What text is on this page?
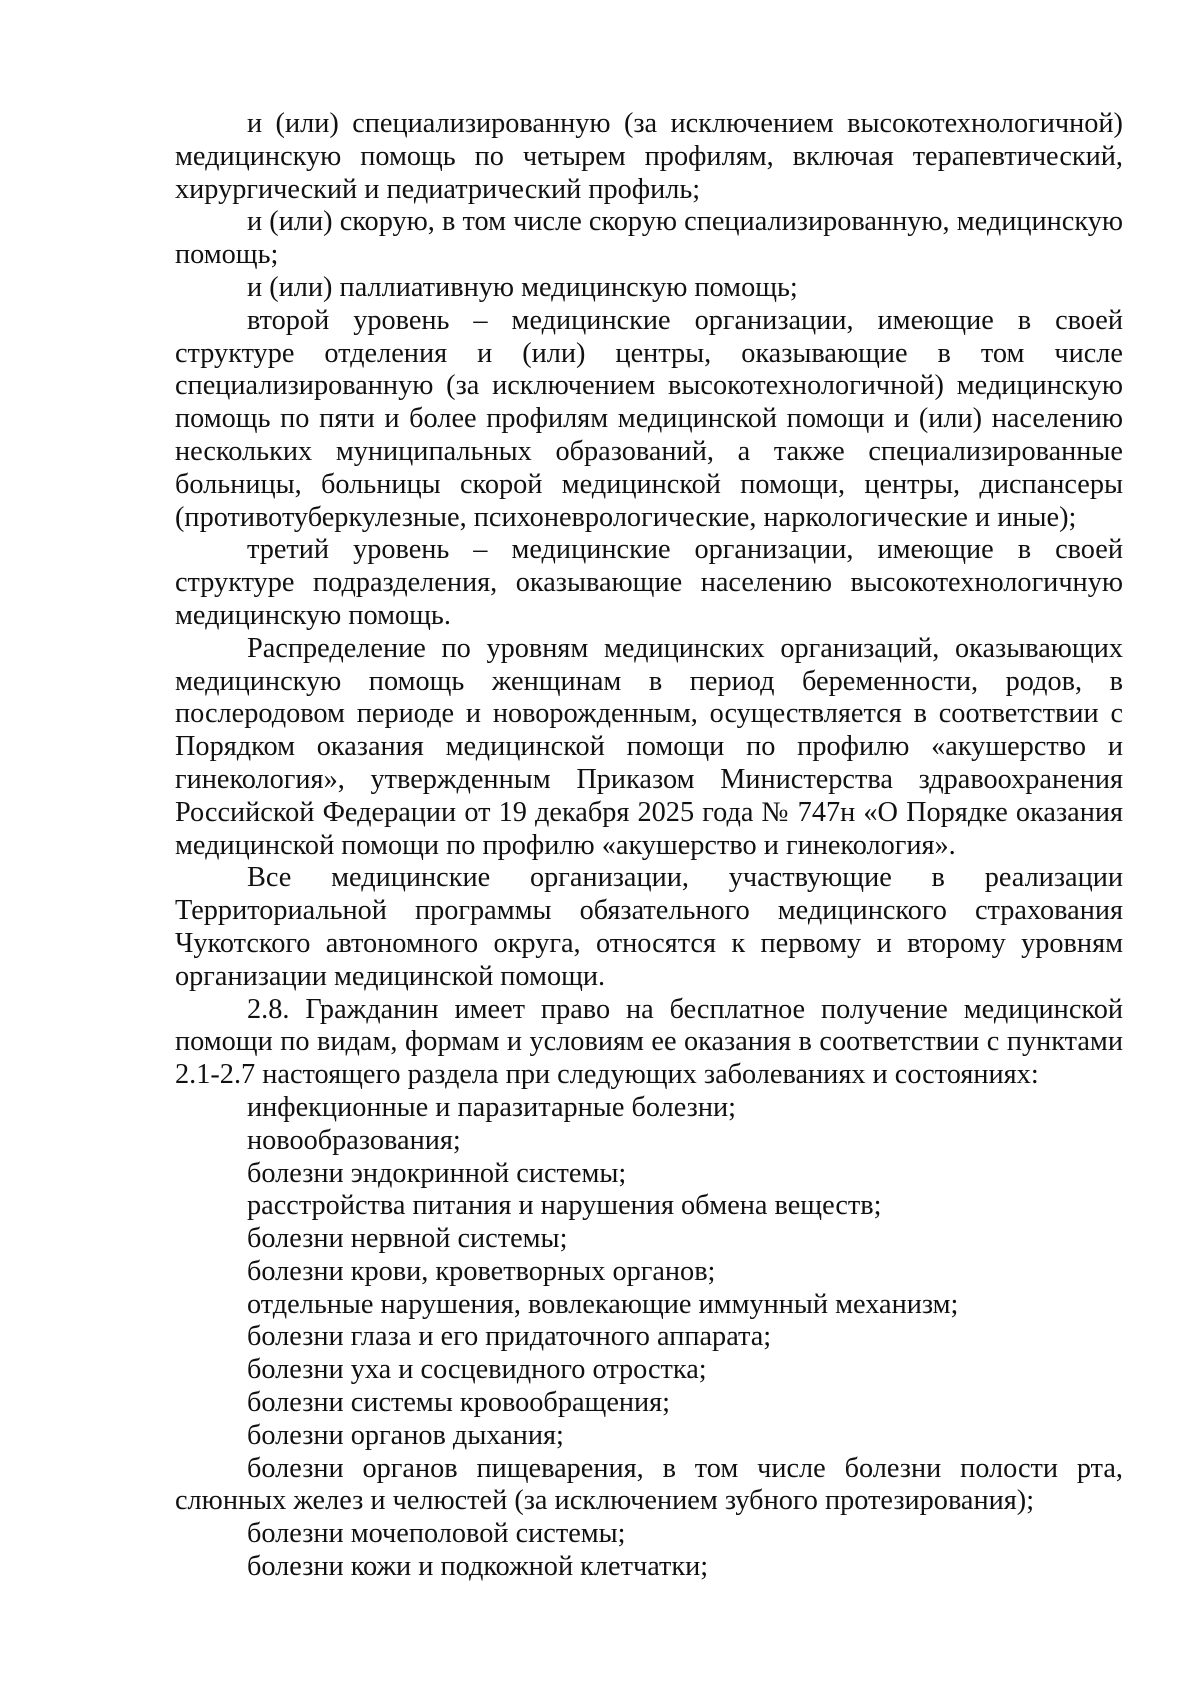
и (или) специализированную (за исключением высокотехнологичной) медицинскую помощь по четырем профилям, включая терапевтический, хирургический и педиатрический профиль;

и (или) скорую, в том числе скорую специализированную, медицинскую помощь;

и (или) паллиативную медицинскую помощь;

второй уровень – медицинские организации, имеющие в своей структуре отделения и (или) центры, оказывающие в том числе специализированную (за исключением высокотехнологичной) медицинскую помощь по пяти и более профилям медицинской помощи и (или) населению нескольких муниципальных образований, а также специализированные больницы, больницы скорой медицинской помощи, центры, диспансеры (противотуберкулезные, психоневрологические, наркологические и иные);

третий уровень – медицинские организации, имеющие в своей структуре подразделения, оказывающие населению высокотехнологичную медицинскую помощь.

Распределение по уровням медицинских организаций, оказывающих медицинскую помощь женщинам в период беременности, родов, в послеродовом периоде и новорожденным, осуществляется в соответствии с Порядком оказания медицинской помощи по профилю «акушерство и гинекология», утвержденным Приказом Министерства здравоохранения Российской Федерации от 19 декабря 2025 года № 747н «О Порядке оказания медицинской помощи по профилю «акушерство и гинекология».

Все медицинские организации, участвующие в реализации Территориальной программы обязательного медицинского страхования Чукотского автономного округа, относятся к первому и второму уровням организации медицинской помощи.

2.8. Гражданин имеет право на бесплатное получение медицинской помощи по видам, формам и условиям ее оказания в соответствии с пунктами 2.1-2.7 настоящего раздела при следующих заболеваниях и состояниях:

инфекционные и паразитарные болезни;

новообразования;

болезни эндокринной системы;

расстройства питания и нарушения обмена веществ;

болезни нервной системы;

болезни крови, кроветворных органов;

отдельные нарушения, вовлекающие иммунный механизм;

болезни глаза и его придаточного аппарата;

болезни уха и сосцевидного отростка;

болезни системы кровообращения;

болезни органов дыхания;

болезни органов пищеварения, в том числе болезни полости рта, слюнных желез и челюстей (за исключением зубного протезирования);

болезни мочеполовой системы;

болезни кожи и подкожной клетчатки;
